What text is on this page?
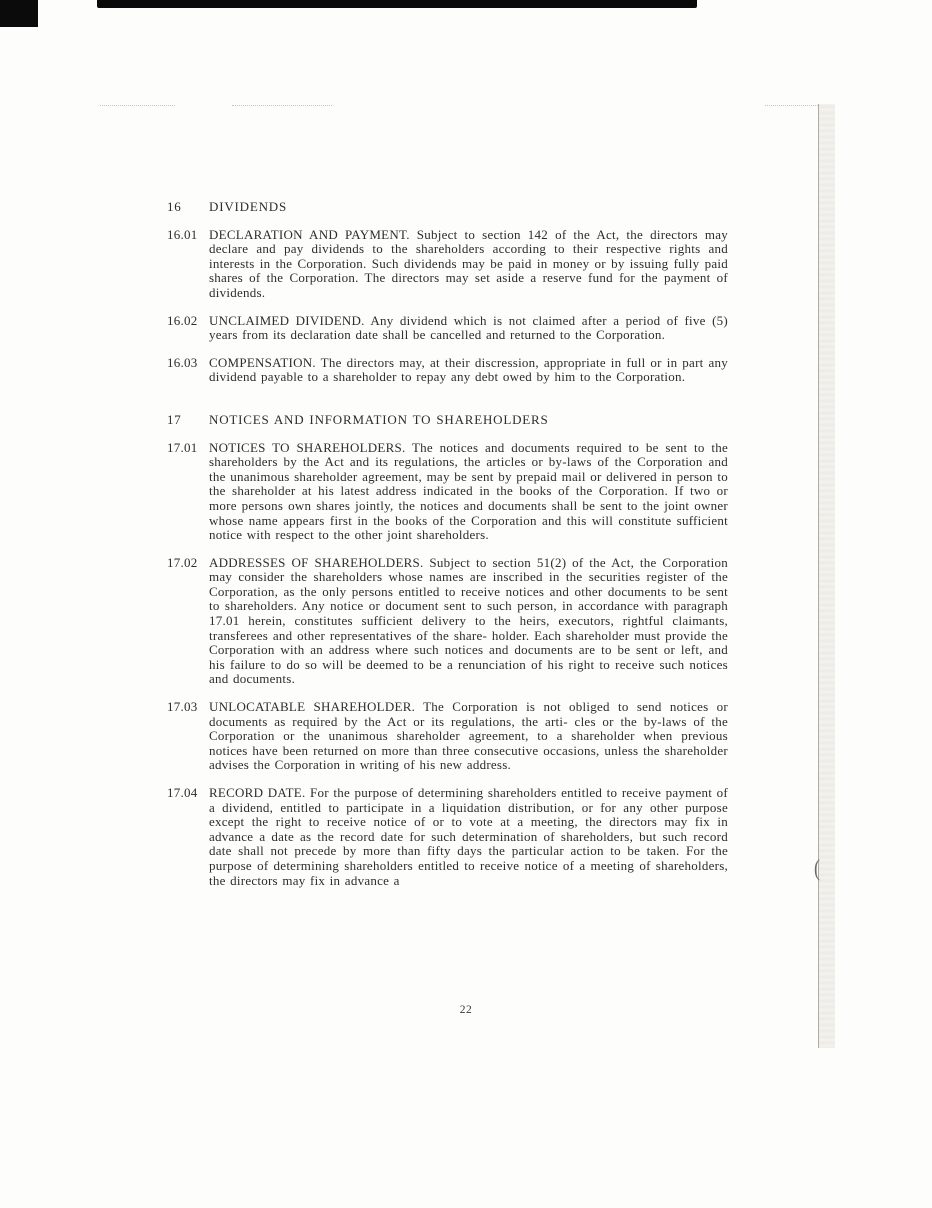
(
16	DIVIDENDS
16.01 DECLARATION AND PAYMENT. Subject to section 142 of the Act, the directors may declare and pay dividends to the shareholders according to their respective rights and interests in the Corporation. Such dividends may be paid in money or by issuing fully paid shares of the Corporation. The directors may set aside a reserve fund for the payment of dividends.

16.02 UNCLAIMED DIVIDEND. Any dividend which is not claimed after a period of five (5) years from its declaration date shall be cancelled and returned to the Corporation.

16.03 COMPENSATION. The directors may, at their discression, appropriate in full or in part any dividend payable to a shareholder to repay any debt owed by him to the Corporation.

17	NOTICES AND INFORMATION TO SHAREHOLDERS
17.01 NOTICES TO SHAREHOLDERS. The notices and documents required to be sent to the shareholders by the Act and its regulations, the articles or by-laws of the Corporation and the unanimous shareholder agreement, may be sent by prepaid mail or delivered in person to the shareholder at his latest address indicated in the books of the Corporation. If two or more persons own shares jointly, the notices and documents shall be sent to the joint owner whose name appears first in the books of the Corporation and this will constitute sufficient notice with respect to the other joint shareholders.

17.02 ADDRESSES OF SHAREHOLDERS. Subject to section 51(2) of the Act, the Corporation may consider the shareholders whose names are inscribed in the securities register of the Corporation, as the only persons entitled to receive notices and other documents to be sent to shareholders. Any notice or document sent to such person, in accordance with paragraph 17.01 herein, constitutes sufficient delivery to the heirs, executors, rightful claimants, transferees and other representatives of the share- holder. Each shareholder must provide the Corporation with an address where such notices and documents are to be sent or left, and his failure to do so will be deemed to be a renunciation of his right to receive such notices and documents.

17.03 UNLOCATABLE SHAREHOLDER. The Corporation is not obliged to send notices or documents as required by the Act or its regulations, the arti- cles or the by-laws of the Corporation or the unanimous shareholder agreement, to a shareholder when previous notices have been returned on more than three consecutive occasions, unless the shareholder advises the Corporation in writing of his new address.

17.04 RECORD DATE. For the purpose of determining shareholders entitled to receive payment of a dividend, entitled to participate in a liquidation distribution, or for any other purpose except the right to receive notice of or to vote at a meeting, the directors may fix in advance a date as the record date for such determination of shareholders, but such record date shall not precede by more than fifty days the particular action to be taken. For the purpose of determining shareholders entitled to receive notice of a meeting of shareholders, the directors may fix in advance a

22
